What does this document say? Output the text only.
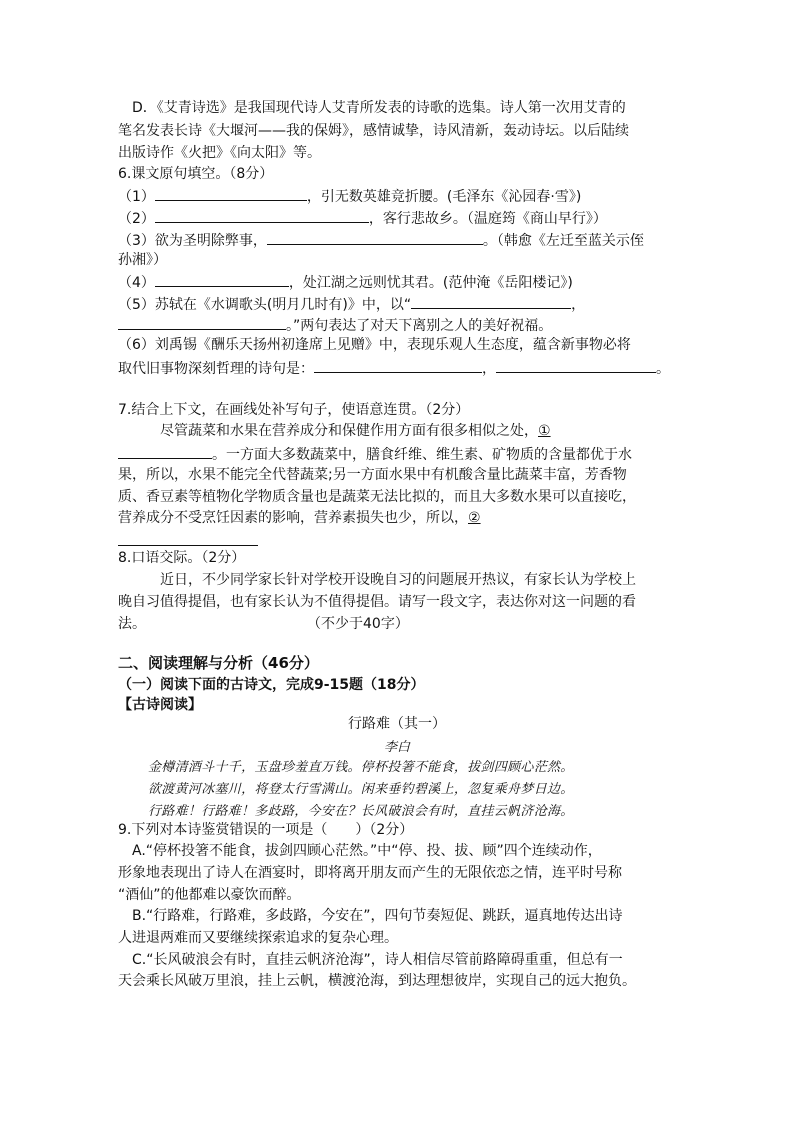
D．《艾青诗选》是我国现代诗人艾青所发表的诗歌的选集。诗人第一次用艾青的
笔名发表长诗《大堰河——我的保姆》，感情诚挚，诗风清新，轰动诗坛。以后陆续
出版诗作《火把》《向太阳》等。
6.课文原句填空。（8分）
（1）	，引无数英雄竞折腰。(毛泽东《沁园春·雪》)
（2）	，客行悲故乡。（温庭筠《商山早行》）
（3）欲为圣明除弊事，	。（韩愈《左迁至蓝关示侄
孙湘》）
（4）	，处江湖之远则忧其君。(范仲淹《岳阳楼记》)
（5）苏轼在《水调歌头(明月几时有)》中，以“	，
。”两句表达了对天下离别之人的美好祝福。
（6）刘禹锡《酬乐天扬州初逢席上见赠》中，表现乐观人生态度，蕴含新事物必将
取代旧事物深刻哲理的诗句是：	，	。
7.结合上下文，在画线处补写句子，使语意连贯。（2分）
尽管蔬菜和水果在营养成分和保健作用方面有很多相似之处，①
。一方面大多数蔬菜中，膳食纤维、维生素、矿物质的含量都优于水
果，所以，水果不能完全代替蔬菜;另一方面水果中有机酸含量比蔬菜丰富，芳香物
质、香豆素等植物化学物质含量也是蔬菜无法比拟的，而且大多数水果可以直接吃，
营养成分不受烹饪因素的影响，营养素损失也少，所以，②
8.口语交际。（2分）
近日，不少同学家长针对学校开设晚自习的问题展开热议，有家长认为学校上
晚自习值得提倡，也有家长认为不值得提倡。请写一段文字，表达你对这一问题的看
法。	（不少于40字）
二、阅读理解与分析（46分）
（一）阅读下面的古诗文，完成9-15题（18分）
【古诗阅读】
行路难（其一）
李白
金樽清酒斗十千，玉盘珍羞直万钱。停杯投箸不能食，拔剑四顾心茫然。
欲渡黄河冰塞川，将登太行雪满山。闲来垂钓碧溪上，忽复乘舟梦日边。
行路难！行路难！多歧路，今安在？长风破浪会有时，直挂云帆济沧海。
9.下列对本诗鉴赏错误的一项是（　　）（2分）
A.“停杯投箸不能食，拔剑四顾心茫然。”中“停、投、拔、顾”四个连续动作，
形象地表现出了诗人在酒宴时，即将离开朋友而产生的无限依恋之情，连平时号称
“酒仙”的他都难以豪饮而醉。
B.“行路难，行路难，多歧路，今安在”，四句节奏短促、跳跃，逼真地传达出诗
人进退两难而又要继续探索追求的复杂心理。
C.“长风破浪会有时，直挂云帆济沧海”，诗人相信尽管前路障碍重重，但总有一
天会乘长风破万里浪，挂上云帆，横渡沧海，到达理想彼岸，实现自己的远大抱负。
